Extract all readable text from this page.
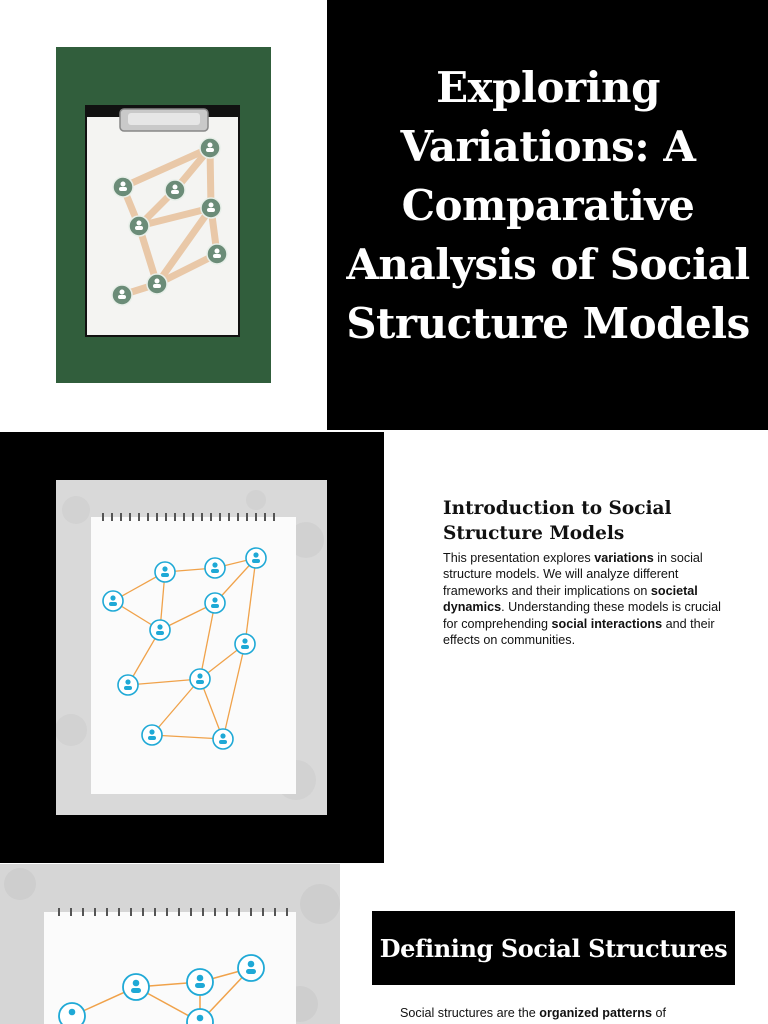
Exploring Variations: A Comparative Analysis of Social Structure Models
Introduction to Social Structure Models

This presentation explores variations in social structure models. We will analyze different frameworks and their implications on societal dynamics. Understanding these models is crucial for comprehending social interactions and their effects on communities.

Defining Social Structures

Social structures are the organized patterns of
